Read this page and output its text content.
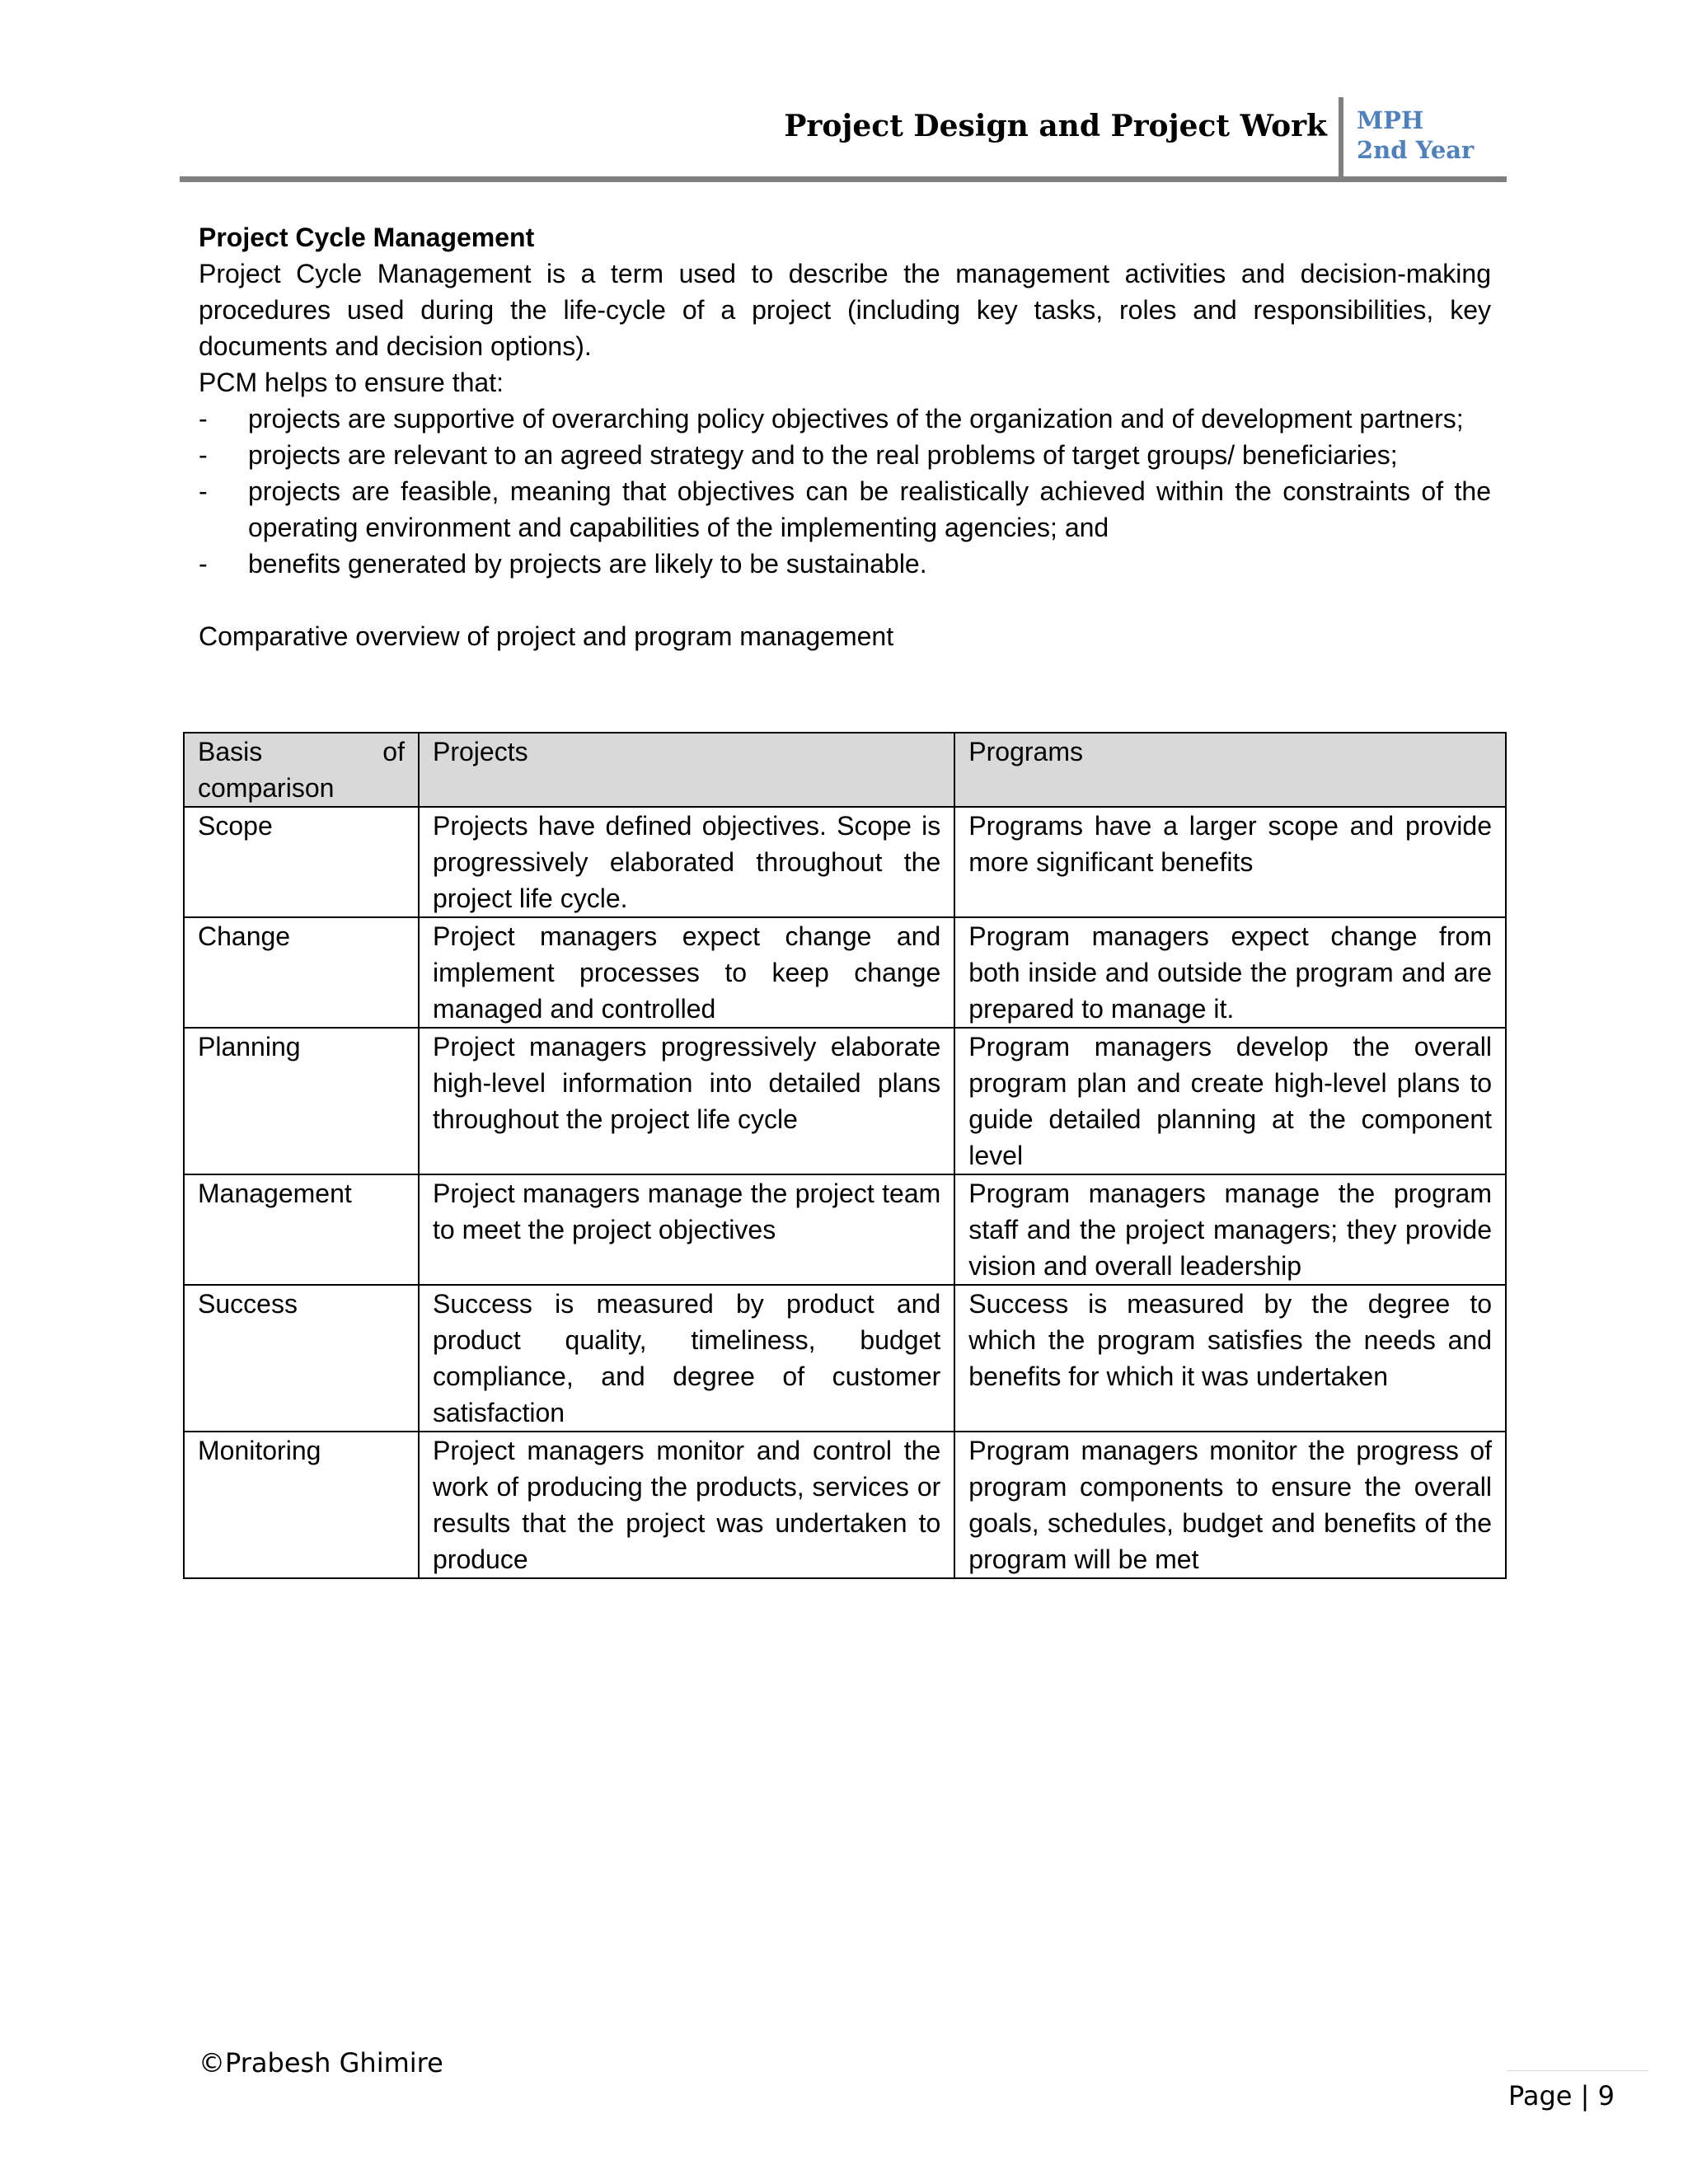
Project Design and Project Work MPH 2nd Year

Project Cycle Management

Project Cycle Management is a term used to describe the management activities and decision-making procedures used during the life-cycle of a project (including key tasks, roles and responsibilities, key documents and decision options).

PCM helps to ensure that:

- projects are supportive of overarching policy objectives of the organization and of development partners;
- projects are relevant to an agreed strategy and to the real problems of target groups/ beneficiaries;
- projects are feasible, meaning that objectives can be realistically achieved within the constraints of the operating environment and capabilities of the implementing agencies; and
- benefits generated by projects are likely to be sustainable.

Comparative overview of project and program management

Basis of comparison	Projects	Programs
Scope	Projects have defined objectives. Scope is progressively elaborated throughout the project life cycle.	Programs have a larger scope and provide more significant benefits
Change	Project managers expect change and implement processes to keep change managed and controlled	Program managers expect change from both inside and outside the program and are prepared to manage it.
Planning	Project managers progressively elaborate high-level information into detailed plans throughout the project life cycle	Program managers develop the overall program plan and create high-level plans to guide detailed planning at the component level
Management	Project managers manage the project team to meet the project objectives	Program managers manage the program staff and the project managers; they provide vision and overall leadership
Success	Success is measured by product and product quality, timeliness, budget compliance, and degree of customer satisfaction	Success is measured by the degree to which the program satisfies the needs and benefits for which it was undertaken
Monitoring	Project managers monitor and control the work of producing the products, services or results that the project was undertaken to produce	Program managers monitor the progress of program components to ensure the overall goals, schedules, budget and benefits of the program will be met
©Prabesh Ghimire
Page | 9
